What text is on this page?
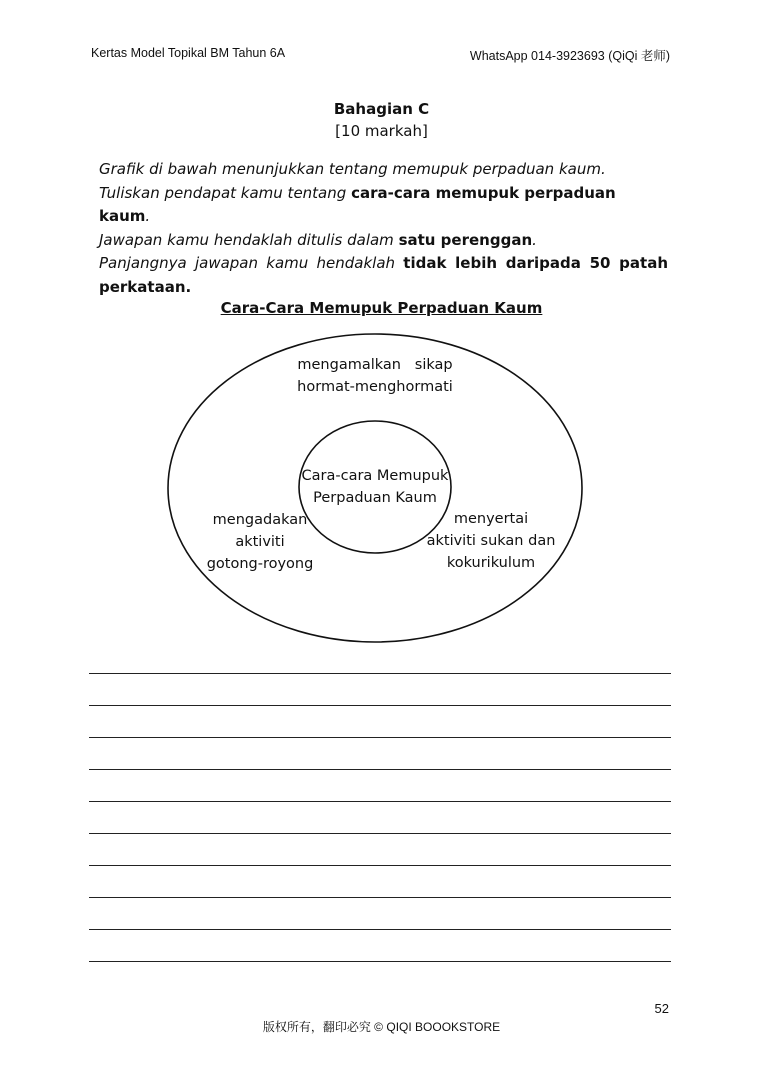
Kertas Model Topikal BM Tahun 6A	WhatsApp 014-3923693 (QiQi 老师)
Bahagian C
[10 markah]
Grafik di bawah menunjukkan tentang memupuk perpaduan kaum.
Tuliskan pendapat kamu tentang cara-cara memupuk perpaduan kaum.
Jawapan kamu hendaklah ditulis dalam satu perenggan.
Panjangnya jawapan kamu hendaklah tidak lebih daripada 50 patah
perkataan.
Cara-Cara Memupuk Perpaduan Kaum
mengamalkan   sikap
hormat-menghormati
Cara-cara Memupuk
Perpaduan Kaum
mengadakan
aktiviti
gotong-royong
menyertai
aktiviti sukan dan
kokurikulum
52
版权所有，翻印必究 © QIQI BOOOKSTORE
